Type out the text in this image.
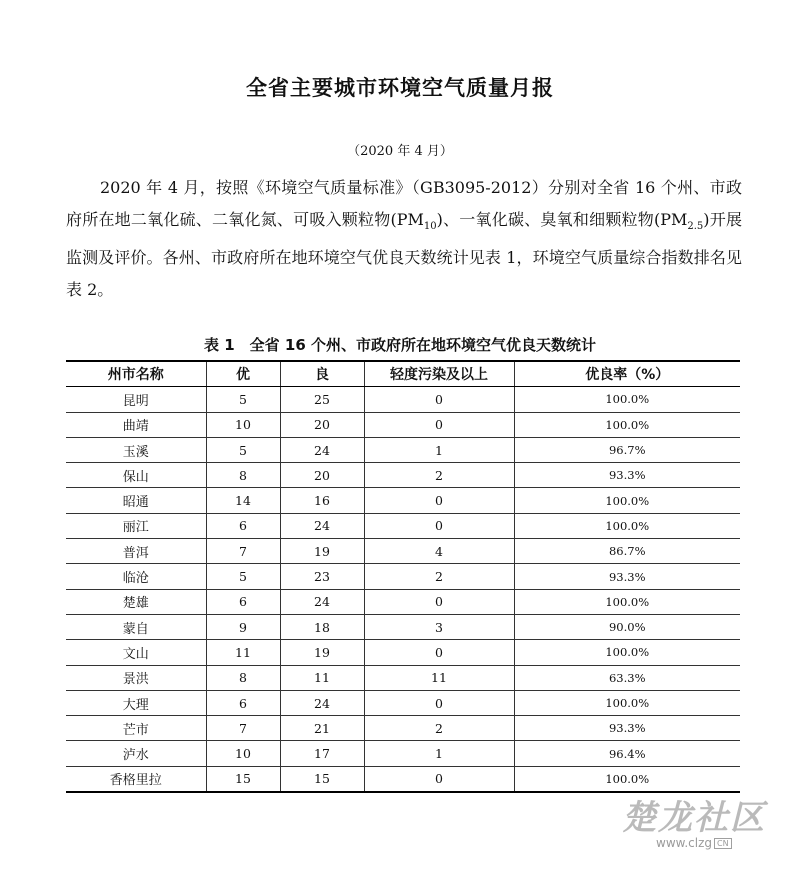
全省主要城市环境空气质量月报
（2020 年 4 月）

2020 年 4 月，按照《环境空气质量标准》（GB3095-2012）分别对全省 16 个州、市政府所在地二氧化硫、二氧化氮、可吸入颗粒物$(PM_{10})$、一氧化碳、臭氧和细颗粒物$(PM_{2.5})$开展监测及评价。各州、市政府所在地环境空气优良天数统计见表 1，环境空气质量综合指数排名见表 2。

表 1　全省 16 个州、市政府所在地环境空气优良天数统计
州市名称	优	良	轻度污染及以上	优良率（%）
昆明	5	25	0	100.0%
曲靖	10	20	0	100.0%
玉溪	5	24	1	96.7%
保山	8	20	2	93.3%
昭通	14	16	0	100.0%
丽江	6	24	0	100.0%
普洱	7	19	4	86.7%
临沧	5	23	2	93.3%
楚雄	6	24	0	100.0%
蒙自	9	18	3	90.0%
文山	11	19	0	100.0%
景洪	8	11	11	63.3%
大理	6	24	0	100.0%
芒市	7	21	2	93.3%
泸水	10	17	1	96.4%
香格里拉	15	15	0	100.0%
楚龙社区
www.clzg CN
